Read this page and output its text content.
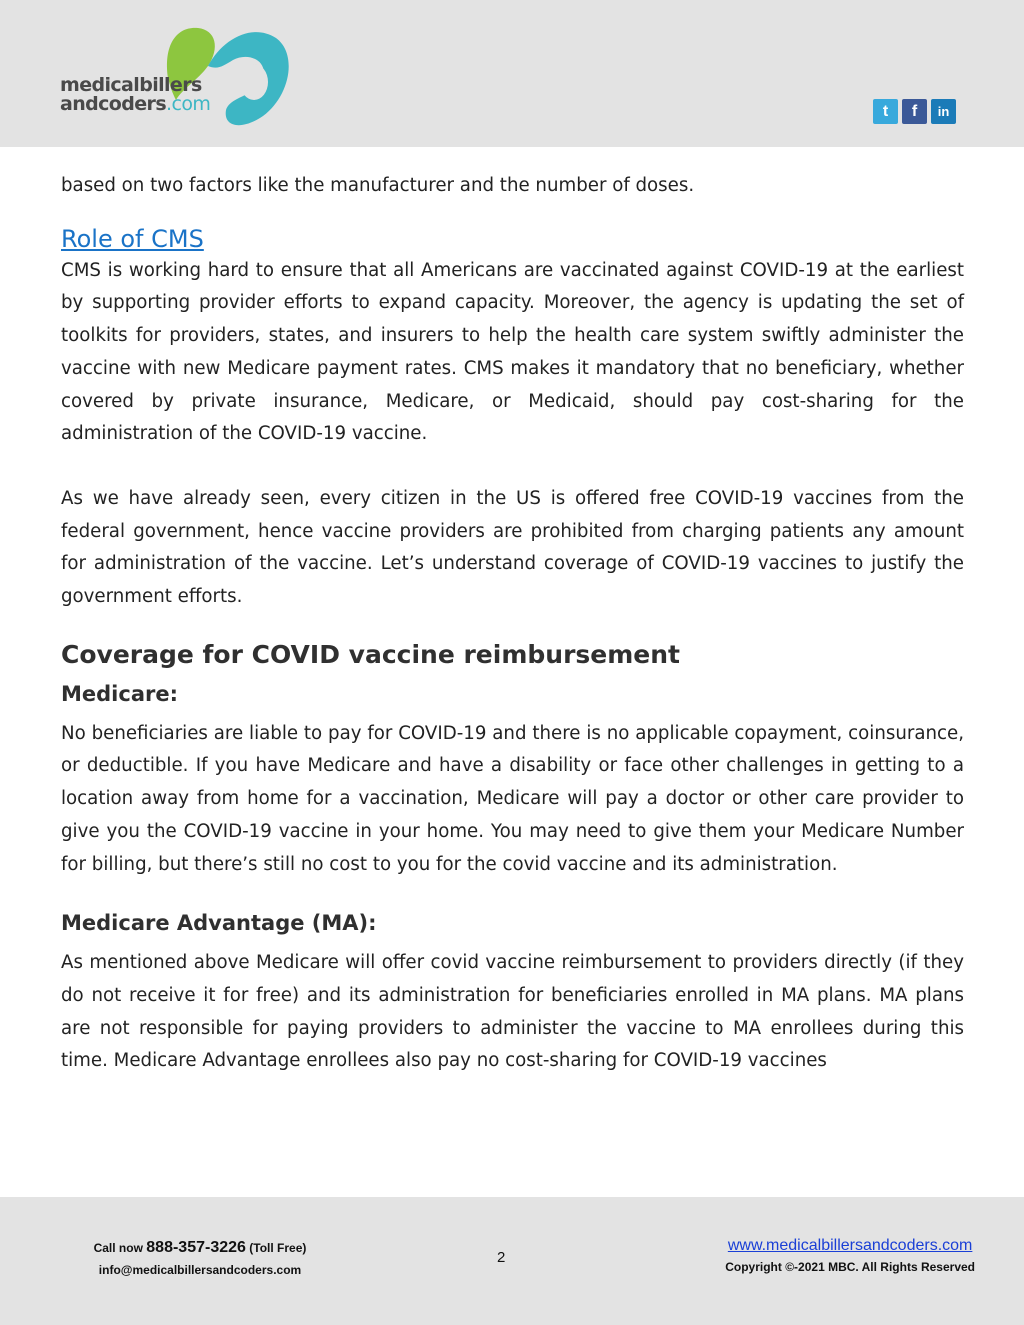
medicalbillers
andcoders.com	t	f	in

based on two factors like the manufacturer and the number of doses.

Role of CMS

CMS is working hard to ensure that all Americans are vaccinated against COVID-19 at the earliest by supporting provider efforts to expand capacity. Moreover, the agency is updating the set of toolkits for providers, states, and insurers to help the health care system swiftly administer the vaccine with new Medicare payment rates. CMS makes it mandatory that no beneficiary, whether covered by private insurance, Medicare, or Medicaid, should pay cost-sharing for the administration of the COVID-19 vaccine.

As we have already seen, every citizen in the US is offered free COVID-19 vaccines from the federal government, hence vaccine providers are prohibited from charging patients any amount for administration of the vaccine. Let’s understand coverage of COVID-19 vaccines to justify the government efforts.

Coverage for COVID vaccine reimbursement
Medicare:

No beneficiaries are liable to pay for COVID-19 and there is no applicable copayment, coinsurance, or deductible. If you have Medicare and have a disability or face other challenges in getting to a location away from home for a vaccination, Medicare will pay a doctor or other care provider to give you the COVID-19 vaccine in your home. You may need to give them your Medicare Number for billing, but there’s still no cost to you for the covid vaccine and its administration.

Medicare Advantage (MA):

As mentioned above Medicare will offer covid vaccine reimbursement to providers directly (if they do not receive it for free) and its administration for beneficiaries enrolled in MA plans. MA plans are not responsible for paying providers to administer the vaccine to MA enrollees during this time. Medicare Advantage enrollees also pay no cost-sharing for COVID-19 vaccines

Call now 888-357-3226 (Toll Free)
info@medicalbillersandcoders.com
2
www.medicalbillersandcoders.com
Copyright ©-2021 MBC. All Rights Reserved
